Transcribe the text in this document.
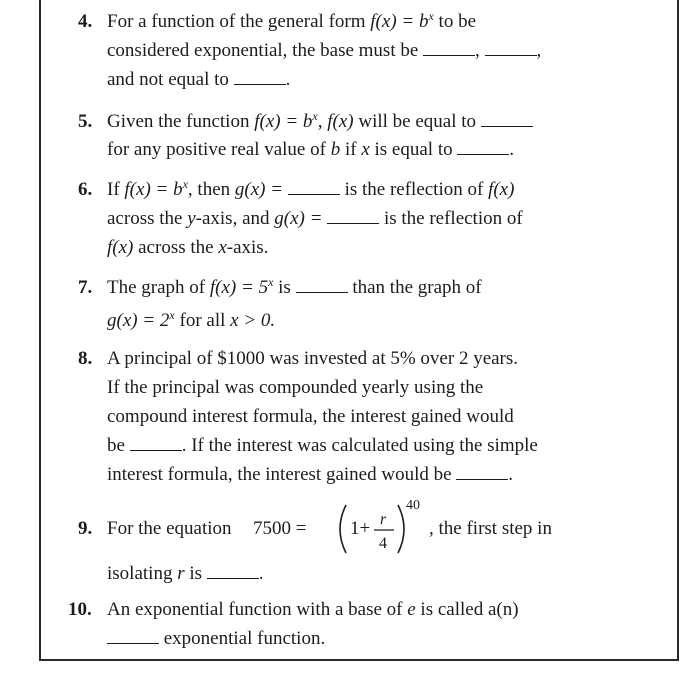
4. For a function of the general form $f(x) = b^x$ to be
considered exponential, the base must be	,	,
and not equal to	.
5. Given the function $f(x) = b^x$, f(x) will be equal to
for any positive real value of b if x is equal to	.
6. If $f(x) = b^x$, then g(x) =	is the reflection of f(x)
across the y-axis, and g(x) =	is the reflection of
f(x) across the x-axis.
7. The graph of $f(x) = 5^x$ is	than the graph of
$g(x) = 2^x$ for all x > 0.
8. A principal of $1000 was invested at 5% over 2 years.
If the principal was compounded yearly using the
compound interest formula, the interest gained would
be	. If the interest was calculated using the simple
interest formula, the interest gained would be	.
9. For the equation 7500 = 1+ r
4
40
, the first step in
isolating r is	.
10. An exponential function with a base of e is called a(n)
exponential function.
